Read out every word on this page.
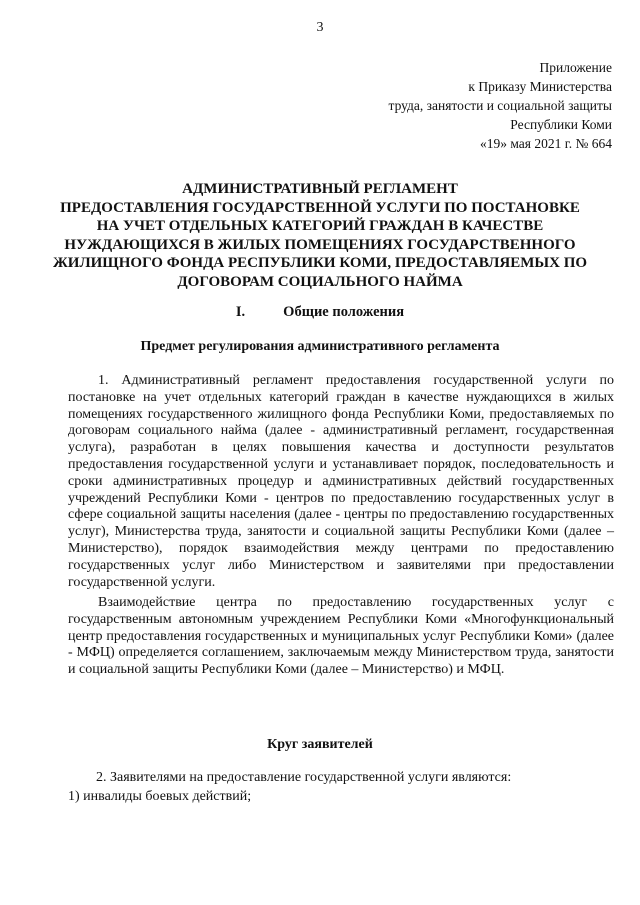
3
Приложение
к Приказу Министерства
труда, занятости и социальной защиты
Республики Коми
«19» мая 2021 г. № 664
АДМИНИСТРАТИВНЫЙ РЕГЛАМЕНТ
ПРЕДОСТАВЛЕНИЯ ГОСУДАРСТВЕННОЙ УСЛУГИ ПО ПОСТАНОВКЕ
НА УЧЕТ ОТДЕЛЬНЫХ КАТЕГОРИЙ ГРАЖДАН В КАЧЕСТВЕ
НУЖДАЮЩИХСЯ В ЖИЛЫХ ПОМЕЩЕНИЯХ ГОСУДАРСТВЕННОГО
ЖИЛИЩНОГО ФОНДА РЕСПУБЛИКИ КОМИ, ПРЕДОСТАВЛЯЕМЫХ ПО
ДОГОВОРАМ СОЦИАЛЬНОГО НАЙМА
I.	Общие положения
Предмет регулирования административного регламента
1. Административный регламент предоставления государственной услуги по постановке на учет отдельных категорий граждан в качестве нуждающихся в жилых помещениях государственного жилищного фонда Республики Коми, предоставляемых по договорам социального найма (далее - административный регламент, государственная услуга), разработан в целях повышения качества и доступности результатов предоставления государственной услуги и устанавливает порядок, последовательность и сроки административных процедур и административных действий государственных учреждений Республики Коми - центров по предоставлению государственных услуг в сфере социальной защиты населения (далее - центры по предоставлению государственных услуг), Министерства труда, занятости и социальной защиты Республики Коми (далее – Министерство), порядок взаимодействия между центрами по предоставлению государственных услуг либо Министерством и заявителями при предоставлении государственной услуги.
Взаимодействие центра по предоставлению государственных услуг с государственным автономным учреждением Республики Коми «Многофункциональный центр предоставления государственных и муниципальных услуг Республики Коми» (далее - МФЦ) определяется соглашением, заключаемым между Министерством труда, занятости и социальной защиты Республики Коми (далее – Министерство) и МФЦ.
Круг заявителей
2. Заявителями на предоставление государственной услуги являются:
1) инвалиды боевых действий;
